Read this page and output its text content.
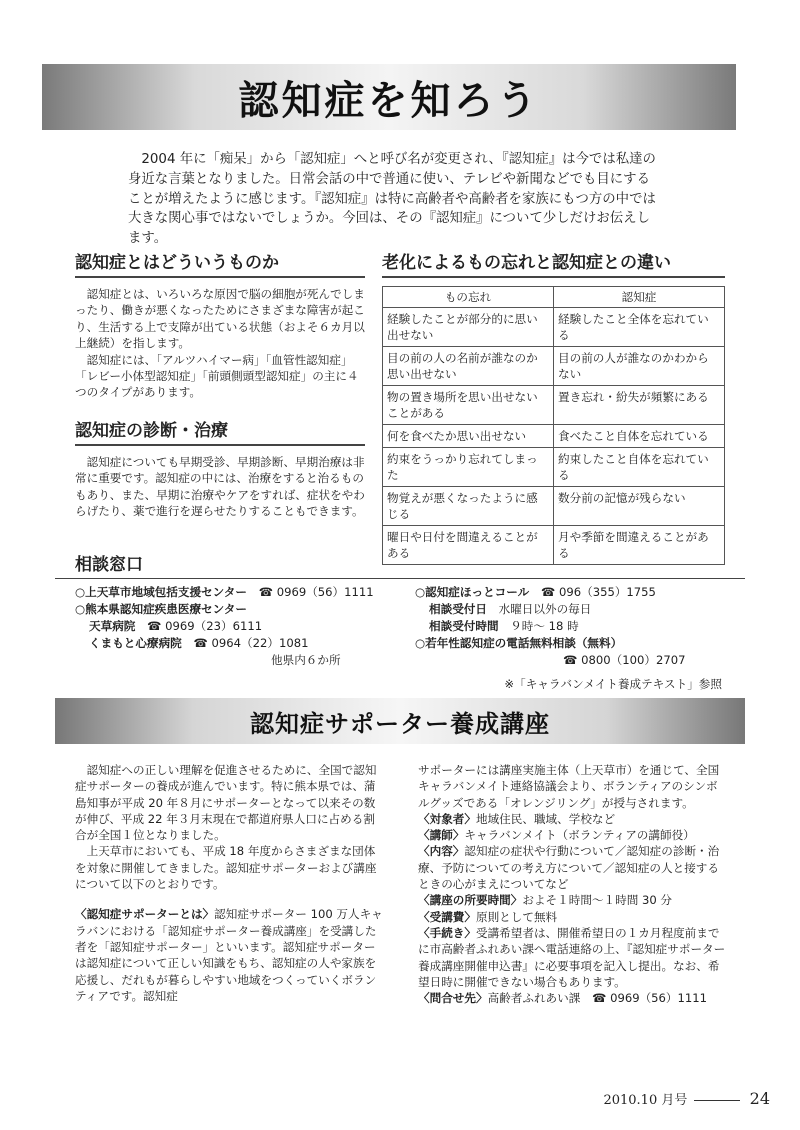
認知症を知ろう
2004 年に「痴呆」から「認知症」へと呼び名が変更され、『認知症』は今では私達の身近な言葉となりました。日常会話の中で普通に使い、テレビや新聞などでも目にすることが増えたように感じます。『認知症』は特に高齢者や高齢者を家族にもつ方の中では大きな関心事ではないでしょうか。今回は、その『認知症』について少しだけお伝えします。
認知症とはどういうものか

認知症とは、いろいろな原因で脳の細胞が死んでしまったり、働きが悪くなったためにさまざまな障害が起こり、生活する上で支障が出ている状態（およそ６カ月以上継続）を指します。

認知症には、「アルツハイマー病」「血管性認知症」「レビー小体型認知症」「前頭側頭型認知症」の主に４つのタイプがあります。

認知症の診断・治療

認知症についても早期受診、早期診断、早期治療は非常に重要です。認知症の中には、治療をすると治るものもあり、また、早期に治療やケアをすれば、症状をやわらげたり、薬で進行を遅らせたりすることもできます。

老化によるもの忘れと認知症との違い
もの忘れ	認知症
経験したことが部分的に思い出せない	経験したこと全体を忘れている
目の前の人の名前が誰なのか思い出せない	目の前の人が誰なのかわからない
物の置き場所を思い出せないことがある	置き忘れ・紛失が頻繁にある
何を食べたか思い出せない	食べたこと自体を忘れている
約束をうっかり忘れてしまった	約束したこと自体を忘れている
物覚えが悪くなったように感じる	数分前の記憶が残らない
曜日や日付を間違えることがある	月や季節を間違えることがある
相談窓口
○上天草市地域包括支援センター　 ☎ 0969（56）1111
○熊本県認知症疾患医療センター
天草病院　 ☎ 0969（23）6111
くまもと心療病院　 ☎ 0964（22）1081
他県内６か所
○認知症ほっとコール　 ☎ 096（355）1755
相談受付日　 水曜日以外の毎日
相談受付時間　 ９時～ 18 時
○若年性認知症の電話無料相談（無料）
☎ 0800（100）2707
※「キャラバンメイト養成テキスト」参照
認知症サポーター養成講座

認知症への正しい理解を促進させるために、全国で認知症サポーターの養成が進んでいます。特に熊本県では、蒲島知事が平成 20 年８月にサポーターとなって以来その数が伸び、平成 22 年３月末現在で都道府県人口に占める割合が全国１位となりました。

上天草市においても、平成 18 年度からさまざまな団体を対象に開催してきました。認知症サポーターおよび講座について以下のとおりです。

〈認知症サポーターとは〉認知症サポーター 100 万人キャラバンにおける「認知症サポーター養成講座」を受講した者を「認知症サポーター」といいます。認知症サポーターは認知症について正しい知識をもち、認知症の人や家族を応援し、だれもが暮らしやすい地域をつくっていくボランティアです。認知症

サポーターには講座実施主体（上天草市）を通じて、全国キャラバンメイト連絡協議会より、ボランティアのシンボルグッズである「オレンジリング」が授与されます。

〈対象者〉地域住民、職域、学校など

〈講師〉キャラバンメイト（ボランティアの講師役）

〈内容〉認知症の症状や行動について／認知症の診断・治療、予防についての考え方について／認知症の人と接するときの心がまえについてなど

〈講座の所要時間〉およそ１時間～１時間 30 分

〈受講費〉原則として無料

〈手続き〉受講希望者は、開催希望日の１カ月程度前までに市高齢者ふれあい課へ電話連絡の上、『認知症サポーター養成講座開催申込書』に必要事項を記入し提出。なお、希望日時に開催できない場合もあります。

〈問合せ先〉高齢者ふれあい課　 ☎ 0969（56）1111

2010.10 月号	24
